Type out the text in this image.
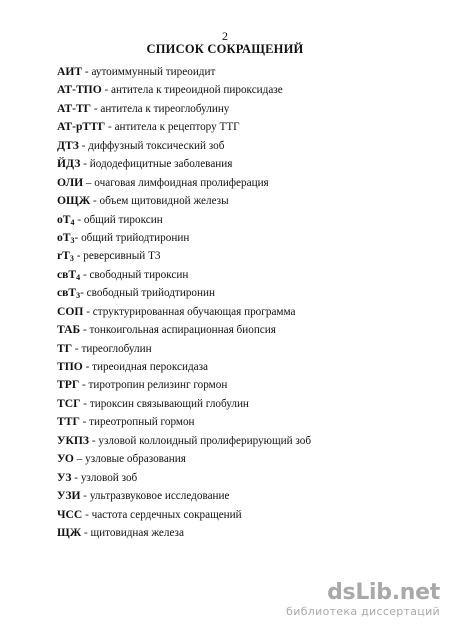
2
СПИСОК СОКРАЩЕНИЙ
АИТ - аутоиммунный тиреоидит
АТ-ТПО - антитела к тиреоидной пироксидазе
АТ-ТГ - антитела к тиреоглобулину
АТ-рТТГ - антитела к рецептору ТТГ
ДТЗ - диффузный токсический зоб
ЙДЗ - йододефицитные заболевания
ОЛИ – очаговая лимфоидная пролиферация
ОЩЖ - объем щитовидной железы
$оТ_4$ - общий тироксин
$оТ_3-$ общий трийодтиронин
$rT_3$ - реверсивный Т3
свТ$_4$ - свободный тироксин
свТ$_3$- свободный трийодтиронин
СОП - структурированная обучающая программа
ТАБ - тонкоигольная аспирационная биопсия
ТГ - тиреоглобулин
ТПО - тиреоидная пероксидаза
ТРГ - тиротропин релизинг гормон
ТСГ - тироксин связывающий глобулин
ТТГ - тиреотропный гормон
УКПЗ - узловой коллоидный пролиферирующий зоб
УО – узловые образования
УЗ - узловой зоб
УЗИ - ультразвуковое исследование
ЧСС - частота сердечных сокращений
ЩЖ - щитовидная железа
dsLib.net
библиотека диссертаций
